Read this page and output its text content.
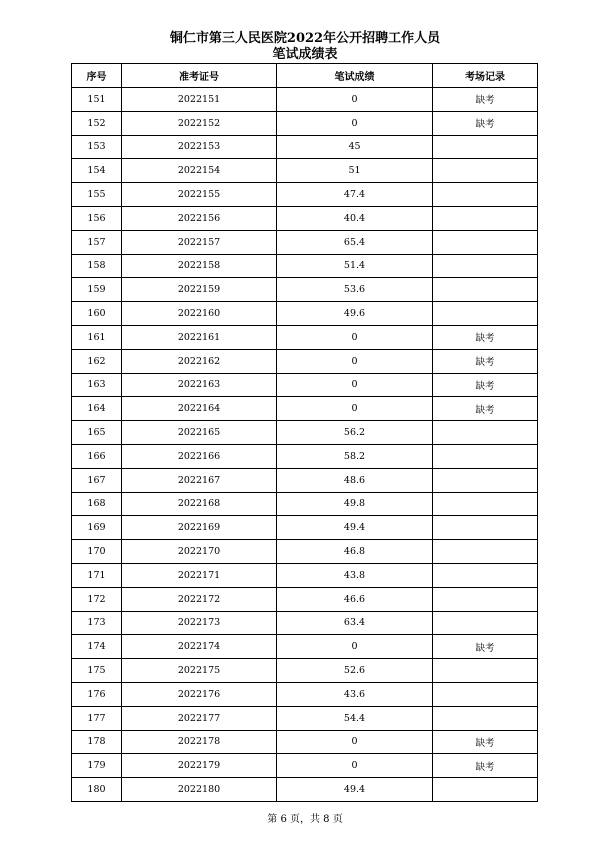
铜仁市第三人民医院2022年公开招聘工作人员
笔试成绩表
序号	准考证号	笔试成绩	考场记录
151	2022151	0	缺考
152	2022152	0	缺考
153	2022153	45	
154	2022154	51	
155	2022155	47.4	
156	2022156	40.4	
157	2022157	65.4	
158	2022158	51.4	
159	2022159	53.6	
160	2022160	49.6	
161	2022161	0	缺考
162	2022162	0	缺考
163	2022163	0	缺考
164	2022164	0	缺考
165	2022165	56.2	
166	2022166	58.2	
167	2022167	48.6	
168	2022168	49.8	
169	2022169	49.4	
170	2022170	46.8	
171	2022171	43.8	
172	2022172	46.6	
173	2022173	63.4	
174	2022174	0	缺考
175	2022175	52.6	
176	2022176	43.6	
177	2022177	54.4	
178	2022178	0	缺考
179	2022179	0	缺考
180	2022180	49.4	
第 6 页，共 8 页
